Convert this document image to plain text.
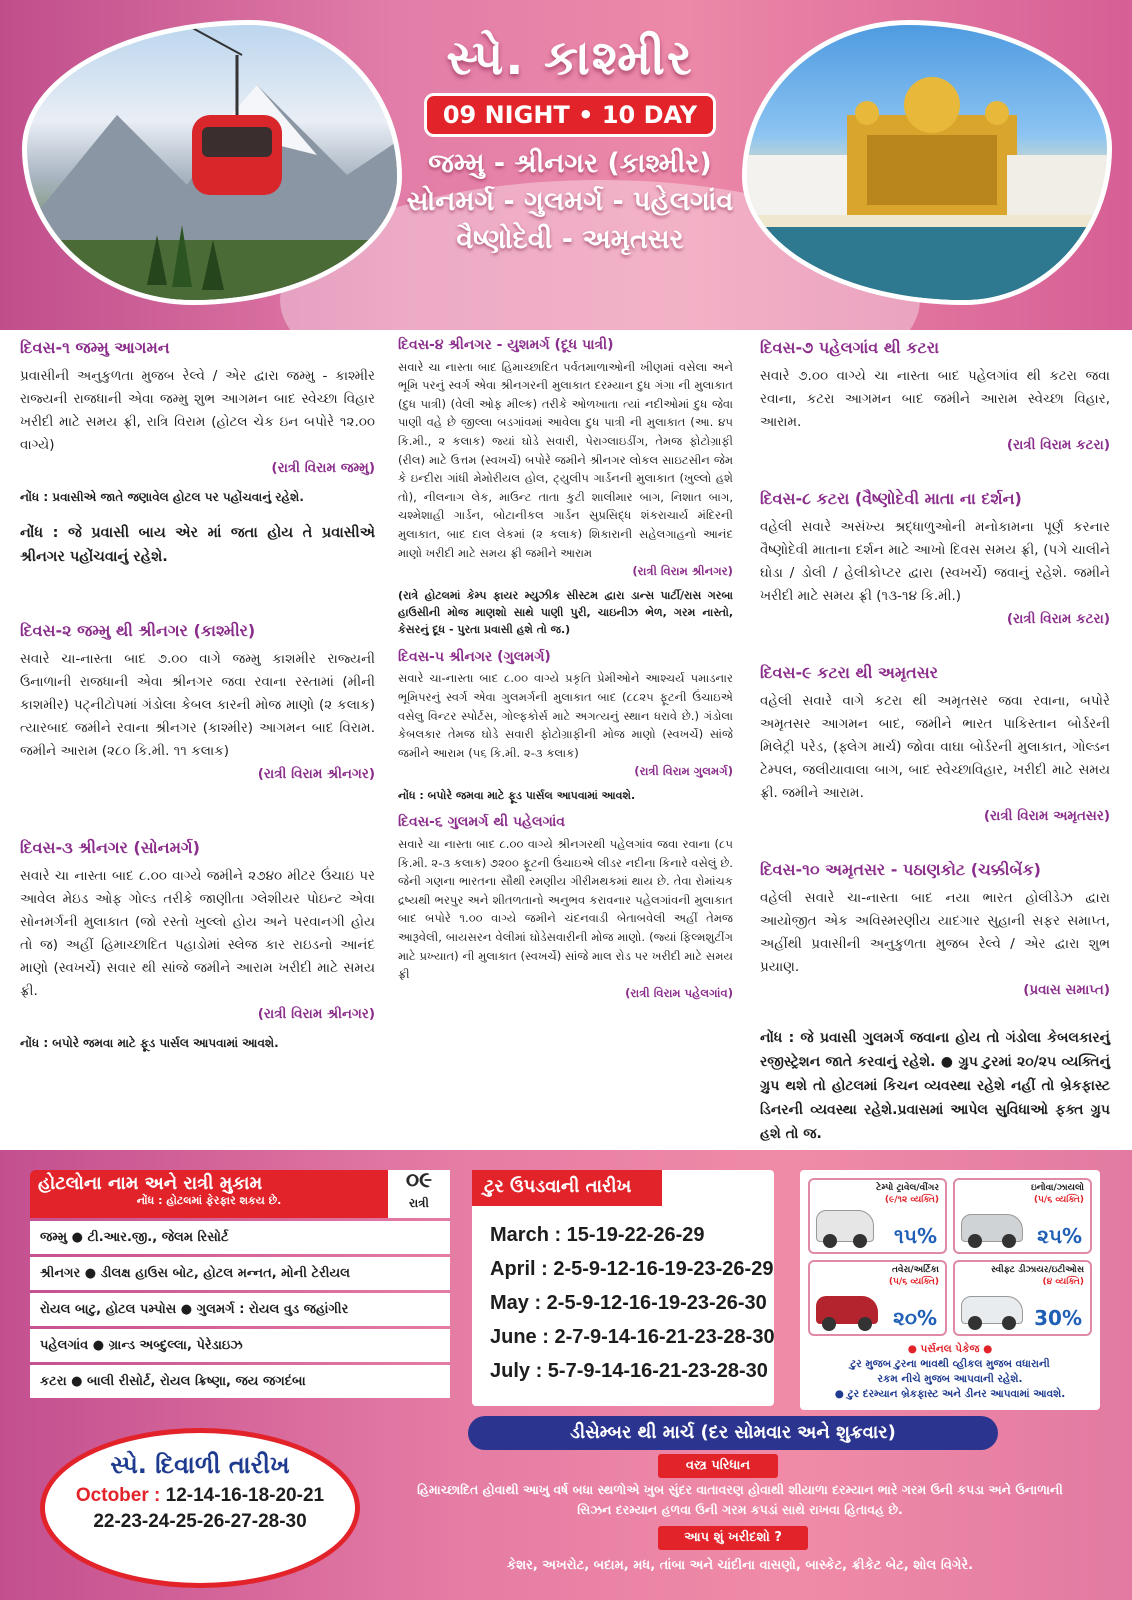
સ્પે. કાશ્મીર
09 NIGHT • 10 DAY
જમ્મુ - શ્રીનગર (કાશ્મીર)
સોનમર્ગ - ગુલમર્ગ - પહેલગાંવ
વૈષ્ણોદેવી - અમૃતસર
દિવસ-૧ જમ્મુ આગમન
પ્રવાસીની અનુકુળતા મુજબ રેલ્વે / એર દ્વારા જમ્મુ - કાશ્મીર રાજ્યની રાજધાની એવા જમ્મુ શુભ આગમન બાદ સ્વેચ્છા વિહાર ખરીદી માટે સમય ફ્રી, રાત્રિ વિરામ (હોટલ ચેક ઇન બપોરે ૧૨.૦૦ વાગ્યે)
(રાત્રી વિરામ જમ્મુ)
નોંધ : પ્રવાસીએ જાતે જણાવેલ હોટલ પર પહોંચવાનું રહેશે.
નોંધ : જે પ્રવાસી બાય એર માં જતા હોય તે પ્રવાસીએ શ્રીનગર પહોંચવાનું રહેશે.
દિવસ-૨ જમ્મુ થી શ્રીનગર (કાશ્મીર)
સવારે ચા-નાસ્તા બાદ ૭.૦૦ વાગે જમ્મુ કાશમીર રાજ્યની ઉનાળાની રાજધાની એવા શ્રીનગર જવા રવાના રસ્તામાં (મીની કાશમીર) પટ્નીટોપમાં ગંડોલા કેબલ કારની મોજ માણો (૨ કલાક) ત્યારબાદ જમીને રવાના શ્રીનગર (કાશ્મીર) આગમન બાદ વિરામ. જમીને આરામ (૨૮૦ કિ.મી. ૧૧ કલાક)
(રાત્રી વિરામ શ્રીનગર)
દિવસ-૩ શ્રીનગર (સોનમર્ગ)
સવારે ચા નાસ્તા બાદ ૮.૦૦ વાગ્યે જમીને ૨૭૪૦ મીટર ઉંચાઇ પર આવેલ મેઇડ ઓફ ગોલ્ડ તરીકે જાણીતા ગ્લેશીયર પોઇન્ટ એવા સોનમર્ગની મુલાકાત (જો રસ્તો ખુલ્લો હોય અને પરવાનગી હોય તો જ) અહીં હિમાચ્છાદિત પહાડોમાં સ્લેજ કાર રાઇડનો આનંદ માણો (સ્વખર્ચે) સવાર થી સાંજે જમીને આરામ ખરીદી માટે સમય ફ્રી.
(રાત્રી વિરામ શ્રીનગર)
નોંધ : બપોરે જમવા માટે ફૂડ પાર્સલ આપવામાં આવશે.
દિવસ-૪ શ્રીનગર - યુશમર્ગ (દૂધ પાત્રી)
સવારે ચા નાસ્તા બાદ હિમાચ્છાદિત પર્વતમાળાઓની ખીણમાં વસેલા અને ભૂમિ પરનું સ્વર્ગ એવા શ્રીનગરની મુલાકાત દરમ્યાન દુધ ગંગા ની મુલાકાત (દુધ પાત્રી) (વેલી ઓફ મીલ્ક) તરીકે ઓળખાતા ત્યાં નદીઓમાં દુધ જેવા પાણી વહે છે જીલ્લા બડગાંવમાં આવેલા દુધ પાત્રી ની મુલાકાત (આ. ૪૫ કિ.મી., ૨ કલાક) જ્યાં ઘોડે સવારી, પેરાગ્લાઇડીંગ, તેમજ ફોટોગ્રાફી (રીલ) માટે ઉત્તમ (સ્વખર્ચે) બપોરે જમીને શ્રીનગર લોકલ સાઇટસીન જેમ કે ઇન્દીરા ગાંધી મેમોરીયલ હોલ, ટ્યુલીપ ગાર્ડનની મુલાકાત (ખુલ્લો હશે તો), નીલનાગ લેક, માઉન્ટ તાતા કુટી શાલીમાર બાગ, નિશાત બાગ, ચશ્મેશાહી ગાર્ડન, બોટાનીકલ ગાર્ડન સુપ્રસિદ્ધ શંકરાચાર્ય મંદિરની મુલાકાત, બાદ દાલ લેકમાં (૨ કલાક) શિકારાની સહેલગાહનો આનંદ માણો ખરીદી માટે સમય ફ્રી જમીને આરામ
(રાત્રી વિરામ શ્રીનગર)
(રાત્રે હોટલમાં કેમ્પ ફાયર મ્યુઝીક સીસ્ટમ દ્વારા ડાન્સ પાર્ટી/રાસ ગરબા હાઉસીની મોજ માણશો સાથે પાણી પુરી, ચાઇનીઝ ભેળ, ગરમ નાસ્તો, કેસરનું દૂધ - પુરતા પ્રવાસી હશે તો જ.)
દિવસ-૫ શ્રીનગર (ગુલમર્ગ)
સવારે ચા-નાસ્તા બાદ ૮.૦૦ વાગ્યે પ્રકૃતિ પ્રેમીઓને આશ્ચર્ય પમાડનાર ભૂમિપરનું સ્વર્ગ એવા ગુલમર્ગની મુલાકાત બાદ (૮૮૨૫ ફૂટની ઉંચાઇએ વસેલુ વિન્ટર સ્પોર્ટસ, ગોલ્ફકોર્સ માટે અગત્યનું સ્થાન ધરાવે છે.) ગંડોલા કેબલકાર તેમજ ઘોડે સવારી ફોટોગ્રાફીની મોજ માણો (સ્વખર્ચે) સાંજે જમીને આરામ (૫૬ કિ.મી. ૨-૩ કલાક)
(રાત્રી વિરામ ગુલમર્ગ)
નોંધ : બપોરે જમવા માટે ફૂડ પાર્સલ આપવામાં આવશે.
દિવસ-૬ ગુલમર્ગ થી પહેલગાંવ
સવારે ચા નાસ્તા બાદ ૮.૦૦ વાગ્યે શ્રીનગરથી પહેલગાંવ જવા રવાના (૮૫ કિ.મી. ૨-૩ કલાક) ૭૨૦૦ ફૂટની ઉંચાઇએ લીડર નદીના કિનારે વસેલું છે. જેની ગણના ભારતના સૌથી રમણીય ગીરીમથકમાં થાય છે. તેવા રોમાંચક દ્રષ્યથી ભરપુર અને શીતળતાનો અનુભવ કરાવનાર પહેલગાંવની મુલાકાત બાદ બપોરે ૧.૦૦ વાગ્યે જમીને ચંદનવાડી બેતાબવેલી અહીં તેમજ આરૂવેલી, બાયસરન વેલીમાં ઘોડેસવારીની મોજ માણો. (જ્યાં ફિલ્મશુટીંગ માટે પ્રખ્યાત) ની મુલાકાત (સ્વખર્ચે) સાંજે માલ રોડ પર ખરીદી માટે સમય ફ્રી
(રાત્રી વિરામ પહેલગાંવ)
દિવસ-૭ પહેલગાંવ થી કટરા
સવારે ૭.૦૦ વાગ્યે ચા નાસ્તા બાદ પહેલગાંવ થી કટરા જવા રવાના, કટરા આગમન બાદ જમીને આરામ સ્વેચ્છા વિહાર, આરામ.
(રાત્રી વિરામ કટરા)
દિવસ-૮ કટરા (વૈષ્ણોદેવી માતા ના દર્શન)
વહેલી સવારે અસંખ્ય શ્રદ્ધાળુઓની મનોકામના પૂર્ણ કરનાર વૈષ્ણોદેવી માતાના દર્શન માટે આખો દિવસ સમય ફ્રી, (પગે ચાલીને ઘોડા / ડોલી / હેલીકોપ્ટર દ્વારા (સ્વખર્ચે) જવાનું રહેશે. જમીને ખરીદી માટે સમય ફ્રી (૧૩-૧૪ કિ.મી.)
(રાત્રી વિરામ કટરા)
દિવસ-૯ કટરા થી અમૃતસર
વહેલી સવારે વાગે કટરા થી અમૃતસર જવા રવાના, બપોરે અમૃતસર આગમન બાદ, જમીને ભારત પાકિસ્તાન બોર્ડરની મિલેટ્રી પરેડ, (ફ્લેગ માર્ચ) જોવા વાઘા બોર્ડરની મુલાકાત, ગોલ્ડન ટેમ્પલ, જલીયાવાલા બાગ, બાદ સ્વેચ્છાવિહાર, ખરીદી માટે સમય ફ્રી. જમીને આરામ.
(રાત્રી વિરામ અમૃતસર)
દિવસ-૧૦ અમૃતસર - પઠાણકોટ (ચક્કીબેંક)
વહેલી સવારે ચા-નાસ્તા બાદ નયા ભારત હોલીડેઝ દ્વારા આયોજીત એક અવિસ્મરણીય યાદગાર સુહાની સફર સમાપ્ત, અહીંથી પ્રવાસીની અનુકુળતા મુજબ રેલ્વે / એર દ્વારા શુભ પ્રયાણ.
(પ્રવાસ સમાપ્ત)
નોંધ : જે પ્રવાસી ગુલમર્ગ જવાના હોય તો ગંડોલા કેબલકારનું રજીસ્ટ્રેશન જાતે કરવાનું રહેશે. ● ગ્રુપ ટુરમાં ૨૦/૨૫ વ્યક્તિનું ગ્રુપ થશે તો હોટલમાં કિચન વ્યવસ્થા રહેશે નહીં તો બ્રેકફાસ્ટ ડિનરની વ્યવસ્થા રહેશે.પ્રવાસમાં આપેલ સુવિધાઓ ફક્ત ગ્રુપ હશે તો જ.
હોટલોના નામ અને રાત્રી મુકામ
નોંધ : હોટલમાં ફેરફાર શકય છે.
૦૯
રાત્રી
જમ્મુ ● ટી.આર.જી., જેલમ રિસોર્ટ
શ્રીનગર ● ડીલક્ષ હાઉસ બોટ, હોટલ મન્નત, મોની ટેરીયલ
રોયલ બાટુ, હોટલ પમ્પોસ ● ગુલમર્ગ : રોયલ વુડ જહાંગીર
પહેલગાંવ ● ગ્રાન્ડ અબ્દુલ્લા, પેરેડાઇઝ
કટરા ● બાલી રીસોર્ટ, રોયલ ક્રિષ્ણા, જય જગદંબા
ટુર ઉપડવાની તારીખ
March : 15-19-22-26-29
April : 2-5-9-12-16-19-23-26-29
May : 2-5-9-12-16-19-23-26-30
June : 2-7-9-14-16-21-23-28-30
July : 5-7-9-14-16-21-23-28-30
ટેમ્પો ટ્રાવેલ/વીંગર
(૯/૧૨ વ્યક્તિ)
૧૫%
ઇનોવા/ઝાયલો
(૫/૬ વ્યક્તિ)
૨૫%
તવેરા/અર્ટિકા
(૫/૬ વ્યક્તિ)
૨૦%
સ્વીફ્ટ ડીઝાયર/ઇટીઓસ
(૪ વ્યક્તિ)
30%
● પર્સનલ પેકેજ ●
ટુર મુજબ ટુરના ભાવથી વ્હીકલ મુજબ વધારાની
રકમ નીચે મુજબ આપવાની રહેશે.
● ટુર દરમ્યાન બ્રેકફાસ્ટ અને ડીનર આપવામાં આવશે.
ડીસેમ્બર થી માર્ચ (દર સોમવાર અને શુક્રવાર)
વસ્ત્ર પરિધાન
હિમાચ્છાદિત હોવાથી આખુ વર્ષ બધા સ્થળોએ ખુબ સુંદર વાતાવરણ હોવાથી શીયાળા દરમ્યાન ભારે ગરમ ઉની કપડા અને ઉનાળાની સિઝન દરમ્યાન હળવા ઉની ગરમ કપડાં સાથે રાખવા હિતાવહ છે.
આપ શું ખરીદશો ?
કેશર, અખરોટ, બદામ, મધ, તાંબા અને ચાંદીના વાસણો, બાસ્કેટ, ક્રીકેટ બેટ, શોલ વિગેરે.
સ્પે. દિવાળી તારીખ
October : 12-14-16-18-20-21
22-23-24-25-26-27-28-30
